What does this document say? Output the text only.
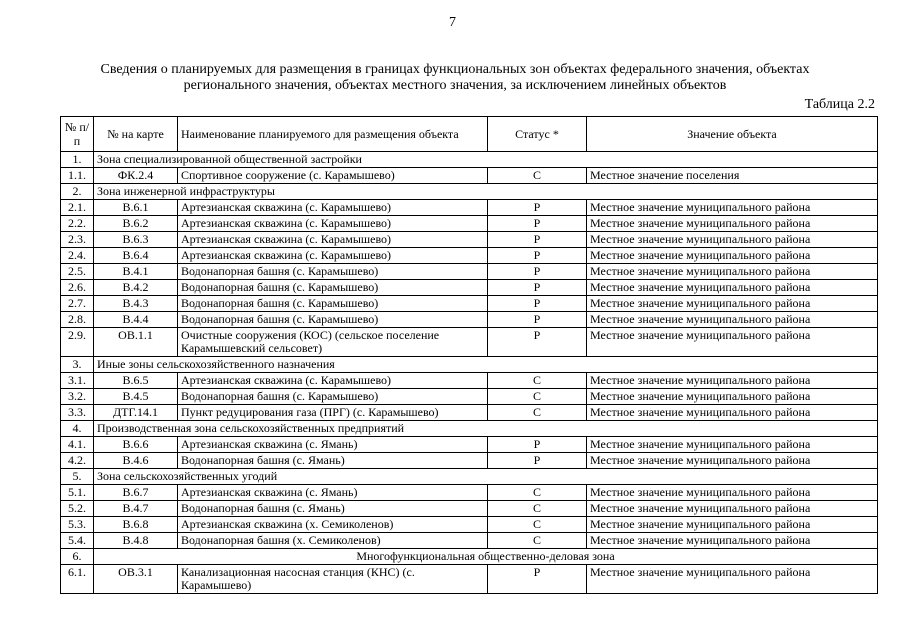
7
Сведения о планируемых для размещения в границах функциональных зон объектах федерального значения, объектах регионального значения, объектах местного значения, за исключением линейных объектов
Таблица 2.2
№ п/п	№ на карте	Наименование планируемого для размещения объекта	Статус *	Значение объекта
1.	Зона специализированной общественной застройки			
1.1.	ФК.2.4	Спортивное сооружение (с. Карамышево)	С	Местное значение поселения
2.	Зона инженерной инфраструктуры			
2.1.	В.6.1	Артезианская скважина (с. Карамышево)	Р	Местное значение муниципального района
2.2.	В.6.2	Артезианская скважина (с. Карамышево)	Р	Местное значение муниципального района
2.3.	В.6.3	Артезианская скважина (с. Карамышево)	Р	Местное значение муниципального района
2.4.	В.6.4	Артезианская скважина (с. Карамышево)	Р	Местное значение муниципального района
2.5.	В.4.1	Водонапорная башня (с. Карамышево)	Р	Местное значение муниципального района
2.6.	В.4.2	Водонапорная башня (с. Карамышево)	Р	Местное значение муниципального района
2.7.	В.4.3	Водонапорная башня (с. Карамышево)	Р	Местное значение муниципального района
2.8.	В.4.4	Водонапорная башня (с. Карамышево)	Р	Местное значение муниципального района
2.9.	ОВ.1.1	Очистные сооружения (КОС) (сельское поселение Карамышевский сельсовет)	Р	Местное значение муниципального района
3.	Иные зоны сельскохозяйственного назначения			
3.1.	В.6.5	Артезианская скважина (с. Карамышево)	С	Местное значение муниципального района
3.2.	В.4.5	Водонапорная башня (с. Карамышево)	С	Местное значение муниципального района
3.3.	ДТГ.14.1	Пункт редуцирования газа (ПРГ) (с. Карамышево)	С	Местное значение муниципального района
4.	Производственная зона сельскохозяйственных предприятий			
4.1.	В.6.6	Артезианская скважина (с. Ямань)	Р	Местное значение муниципального района
4.2.	В.4.6	Водонапорная башня (с. Ямань)	Р	Местное значение муниципального района
5.	Зона сельскохозяйственных угодий			
5.1.	В.6.7	Артезианская скважина (с. Ямань)	С	Местное значение муниципального района
5.2.	В.4.7	Водонапорная башня (с. Ямань)	С	Местное значение муниципального района
5.3.	В.6.8	Артезианская скважина (х. Семиколенов)	С	Местное значение муниципального района
5.4.	В.4.8	Водонапорная башня (х. Семиколенов)	С	Местное значение муниципального района
6.	Многофункциональная общественно-деловая зона			
6.1.	ОВ.3.1	Канализационная насосная станция (КНС) (с. Карамышево)	Р	Местное значение муниципального района
